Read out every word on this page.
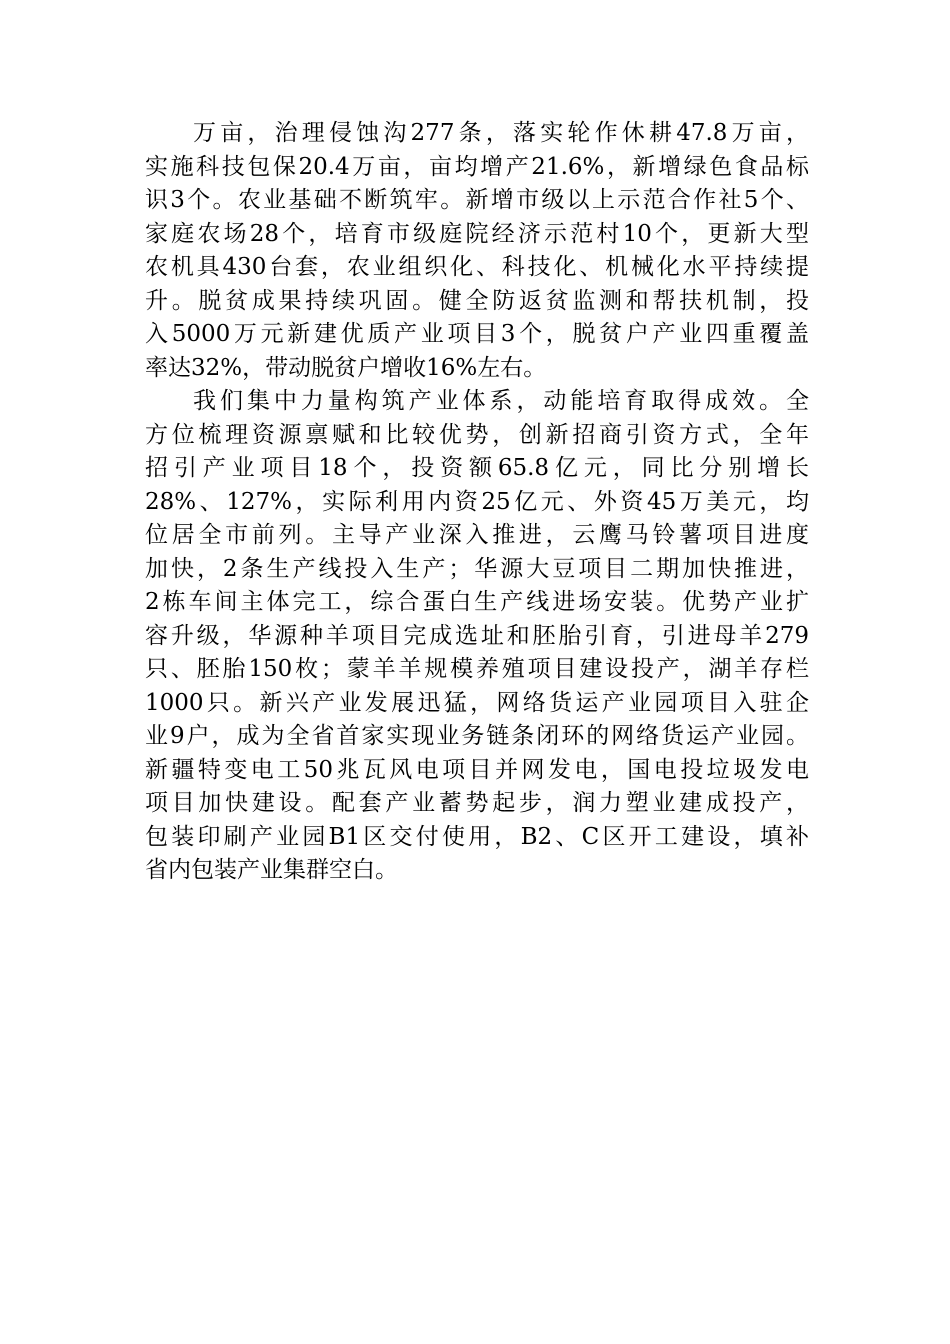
万亩，治理侵蚀沟277条，落实轮作休耕47.8万亩，
实施科技包保20.4万亩，亩均增产21.6%，新增绿色食品标
识3个。农业基础不断筑牢。新增市级以上示范合作社5个、
家庭农场28个，培育市级庭院经济示范村10个，更新大型
农机具430台套，农业组织化、科技化、机械化水平持续提
升。脱贫成果持续巩固。健全防返贫监测和帮扶机制，投
入5000万元新建优质产业项目3个，脱贫户产业四重覆盖
率达32%，带动脱贫户增收16%左右。
我们集中力量构筑产业体系，动能培育取得成效。全
方位梳理资源禀赋和比较优势，创新招商引资方式，全年
招引产业项目18个，投资额65.8亿元，同比分别增长
28%、127%，实际利用内资25亿元、外资45万美元，均
位居全市前列。主导产业深入推进，云鹰马铃薯项目进度
加快，2条生产线投入生产；华源大豆项目二期加快推进，
2栋车间主体完工，综合蛋白生产线进场安装。优势产业扩
容升级，华源种羊项目完成选址和胚胎引育，引进母羊279
只、胚胎150枚；蒙羊羊规模养殖项目建设投产，湖羊存栏
1000只。新兴产业发展迅猛，网络货运产业园项目入驻企
业9户，成为全省首家实现业务链条闭环的网络货运产业园。
新疆特变电工50兆瓦风电项目并网发电，国电投垃圾发电
项目加快建设。配套产业蓄势起步，润力塑业建成投产，
包装印刷产业园B1区交付使用，B2、C区开工建设，填补
省内包装产业集群空白。
